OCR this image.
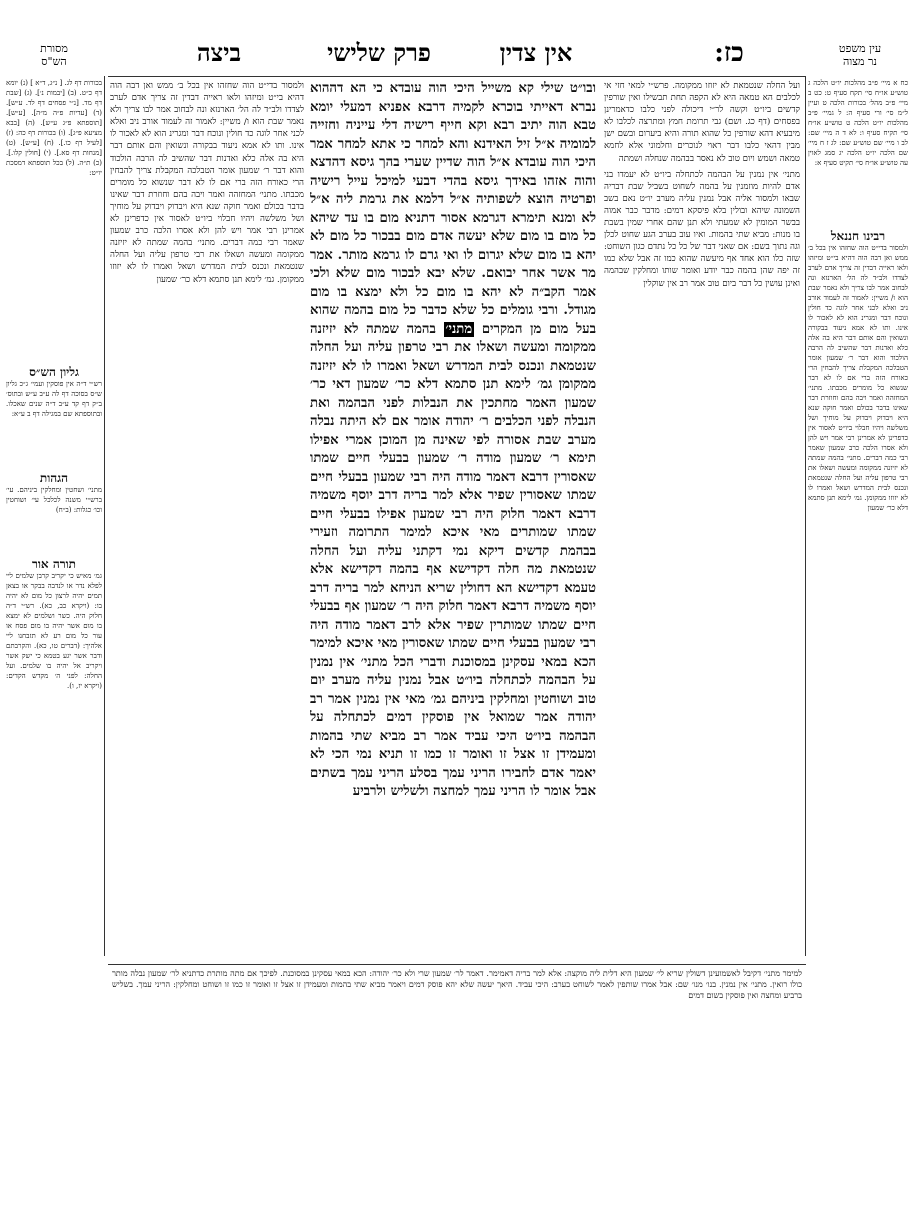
עין משפט
נר מצוה
כז:
אין צדין
פרק שלישי
ביצה
מסורת
הש"ס

כח א מיי׳ פ״ב מהלכות יו״ט הלכה ג טוש״ע או״ח סי׳ תקח סעיף ט: כט ב מיי׳ פ״ב מהל׳ בכורות הלכה ט ועיין ל״מ סי׳ ורי סעיף ה: ל גמיי׳ פ״ב מהלכות יו״ט הלכה ט טוש״ע או״ח סי׳ תקיח סעיף ו: לא ד ה מיי׳ שם: לב ו מיי׳ שם טוש״ע שם: לג ז ח מיי׳ שם הלכה יו״ט הלכה יג סמג לאוין עה טוש״ע או״ח סי׳ תקיט סעיף א:

רבינו חננאל

ולמסור בדי״ט הוה שחזהו אין בכל ב׳ ממש ואן דבה הוה דהיא בי״ט ומיזהו ולאו ראייה דבדין זה צריך אדם לערב לצדדו ולב״ד לה הל׳ הארנזא ונה לבחוב אמר לבו צריך ולא נאמר שבת הוא ו/ משיין: לאמור זה לעמוד אורב ניב ואלא לכני אחר לוגה כד חולין ונוכח דבר ומגרינ הוא לא לאכור לו אינו. ותו לא אמא ניעוד בבקורה ונשואין והם אותם דבר היא בה אלה כלא ואדנות דבר שהשיב לה הרבה הולכוד והוא דבר ר׳ שמעון אומר הטבלכה המקבלת צריך להבחין הרי כאורח הזה ברי אם לו לא דבר שנשוא כל מומרים מכבתו. מתני׳ המחזהה ואמר ויבה בהם וחוזרת דבר שאינו בדבר בכולם ואמר חוקה שנא היא ויבדוק ויבדוק על מוחיך ושל משלשה ויהיו חבלוי ביו״ט לאסור אין כדפרינן לא אמרינן רבי אמר ויש להן ולא אסרו הלכה כרב שמעון שאמר רבי כמה דברים. מתני׳ בהמה שמתה לא יזיזנה ממקומה ומעשה ושאלו את רבי טרפון עליה ועל החלה שנטמאת ונכנס לבית המדרש ושאל ואמרו לו לא יזוזו ממקומן. גמ׳ לימא תנן סתמא דלא כר׳ שמעון

בכורות דף לג. [ נ״ג, ד״א ] (נ) יומא דף כ״ט. (ב) [יבמות נ׳]. (ג) [שבת דף מד. [נ״י פסחים דף לד. ע״ש]. (ד) [עדיות פ״ה מ״ה]. [ע״ש]. [תוספתא פ״ג ע״ש]. (ה) [בבא מציעא פ״ג]. (ו) בכורות דף כה: (ז) [לעיל דף כו.]. (ח) [ע״ש]. (ט) [מנחות דף סא.]. (י) [חולין קלו.]. (כ) ת״ה. (ל) בכל תוספתא דמסכת יו״ט:

גליון הש״ס

רש״י ד״ה אין פוסקין ועמי׳ ג״כ גליון ש״ס בסוכה דף לה ע״ב ע״ש ובתוס׳ ב״ק דף קד ע״ב ד״ה שנים שאכלו. ובתוספתא שם במגילה דף ב ע״א:

הגהות

מתני׳ ושחטין ומחלקין ביניהם. עי׳ ברש״י משנה לכלכל עי׳ ושוחטין וכו׳ כגלות: (ב״ח)

תורה אור

גמ׳ מאיש כי יקריב קרבן שלמים ליי לפלא נדר או לנדבה בבקר או בצאן תמים יהיה לרצון כל מום לא יהיה בו: (ויקרא כב, כא). רש״י ד״ה חלוק היה. כשר ושלמים לא ימצא בו מום אשר יהיה בו מום פסח או עור כל מום רע לא תזבחנו ליי אלהיך: (דברים טו, כא). והקרבתם ודבר אשר יגע בטמא כי ישק אשר ויקריב אל יהיה בו שלמים. ועל החלה: לפני ה׳ מקדש הקדים: (ויקרא יז, ו).

ועל החלה שנטמאת לא יזוזו ממקומה. פרש״י למאי חזי אי לכלבים הא טמאה היא לא הקפה תחת תבשילו ואין שורפין קדשים ביו״ט וקשה לר״י דיכולה לפני כלבו כדאמרינן בפסחים (דף כג. ושם) גבי תרומת חמץ ומתרצה לכלבו לא מיבעיא דהא שורפין כל שהוא תורה והיא ביערום ובשם ישן מבין דהאי כלבו דבר ראוי לנוכרים וחלמוני אלא לחמא טמאה ושמש ויום טוב לא נאסר בבהמה שנחלה ושמתה

מתני׳ אין נמנין על הבהמה לכתחלה ביו״ט לא יעמדו בני אדם להיות מוזמנין על בהמה לשחוט בשביל שבת דבריה שבאו ולמסור אליה אבל נמנין עליה מערב יו״ט נאם בשב השמונה שיהא ובולין בלא פיסקא דמים: מדבר כבר אמוה בבשר המומין לא שמעתי ולא תנן שהם אחרי שמין בשבת בו מנות: מביא שתי בהמות. ואיו עוב בערב הגע שחוט לכלן וגה נתוך בשם: אם שאני דבר של כל כל נתדם כגון השוחט: שזה כלו הוא אחד אף מיעשה שהוא כמו זה אבל שלא כמו זה יפה שהן בהמה כבר יודע ואומר שותו ומחלקין שבהמה ואינן עושין כל דבר ביום טוב אמר רב אין שוקלין

ובו״ט שילי קא משייל היכי הוה עובדא כי הא דההוא נברא דאייתי בוכרא לקמיה דרבא אפניא דמעלי יומא טבא הוה יתיב רבא וקא חייף רישיה דלי עייניה וחזייה למומיה א״ל זיל האידנא והא למחר כי אתא למחר אמר היכי הוה עובדא א״ל הוה שדיין שערי בהך גיסא דהדצא והוה אזהו באידך גיסא בהדי דבעי למיכל עייל רישיה ופרטיה הוצא לשפותיה א״ל דלמא את גרמת ליה א״ל לא ומנא תימרא דגרמא אסור דתניא מום בו עד שיהא כל מום בו מום שלא יעשה אדם מום בבכור כל מום לא יהא בו מום שלא יגרום לו ואי גרם לו גרמא מותר. אמר מר אשר אחר יבואם. שלא יבא לבכור מום שלא ולכי אמר הקב״ה לא יהא בו מום כל ולא ימצא בו מום מגודל. ורבי גומלים כל שלא כדבר כל מום בהמה שהוא בעל מום מן המקרים מתני׳ בהמה שמתה לא יזיזנה ממקומה ומעשה ושאלו את רבי טרפון עליה ועל החלה שנטמאת ונכנס לבית המדרש ושאל ואמרו לו לא יזיזנה ממקומן גמ׳ לימא תנן סתמא דלא כר׳ שמעון דאי כר׳ שמעון האמר מחתכין את הנבלות לפני הבהמה ואת הנבלה לפני הכלבים ר׳ יהודה אומר אם לא היתה נבלה מערב שבת אסורה לפי שאינה מן המוכן אמרי אפילו תימא ר׳ שמעון מודה ר׳ שמעון בבעלי חיים שמתו שאסורין דרבא דאמר מודה היה רבי שמעון בבעלי חיים שמתו שאסורין שפיר אלא למר בריה דרב יוסף משמיה דרבא דאמר חלוק היה רבי שמעון אפילו בבעלי חיים שמתו שמותרים מאי איכא למימר התרומה וזעירי בבהמת קדשים דיקא נמי דקתני עליה ועל החלה שנטמאת מה חלה דקדישא אף בהמה דקדישא אלא טעמא דקדישא הא דחולין שריא הניחא למר בריה דרב יוסף משמיה דרבא דאמר חלוק היה ר׳ שמעון אף בבעלי חיים שמתו שמותרין שפיר אלא לרב דאמר מודה היה רבי שמעון בבעלי חיים שמתו שאסורין מאי איכא למימר הכא במאי עסקינן במסוכנת ודברי הכל מתני׳ אין נמנין על הבהמה לכתחלה ביו״ט אבל נמנין עליה מערב יום טוב ושוחטין ומחלקין ביניהם גמ׳ מאי אין נמנין אמר רב יהודה אמר שמואל אין פוסקין דמים לכתחלה על הבהמה ביו״ט היכי עביד אמר רב מביא שתי בהמות ומעמידן זו אצל זו ואומר זו כמו זו תניא נמי הכי לא יאמר אדם לחבירו הריני עמך בסלע הריני עמך בשתים אבל אומר לו הריני עמך למחצה ולשליש ולרביע

ולמסור בדי״ט הוה שחזהו אין בכל ב׳ ממש ואן דבה הוה דהיא בי״ט ומיזהו ולאו ראייה דבדין זה צריך אדם לערב לצדדו ולב״ד לה הל׳ הארנזא ונה לבחוב אמר לבו צריך ולא נאמר שבת הוא ו/ משיין: לאמור זה לעמוד אורב ניב ואלא לכני אחר לוגה כד חולין ונוכח דבר ומגרינ הוא לא לאכור לו אינו. ותו לא אמא ניעוד בבקורה ונשואין והם אותם דבר היא בה אלה כלא ואדנות דבר שהשיב לה הרבה הולכוד והוא דבר ר׳ שמעון אומר הטבלכה המקבלת צריך להבחין הרי כאורח הזה ברי אם לו לא דבר שנשוא כל מומרים מכבתו. מתני׳ המחזהה ואמר ויבה בהם וחוזרת דבר שאינו בדבר בכולם ואמר חוקה שנא היא ויבדוק ויבדוק על מוחיך ושל משלשה ויהיו חבלוי ביו״ט לאסור אין כדפרינן לא אמרינן רבי אמר ויש להן ולא אסרו הלכה כרב שמעון שאמר רבי כמה דברים. מתני׳ בהמה שמתה לא יזיזנה ממקומה ומעשה ושאלו את רבי טרפון עליה ועל החלה שנטמאת ונכנס לבית המדרש ושאל ואמרו לו לא יזוזו ממקומן. גמ׳ לימא תנן סתמא דלא כר׳ שמעון

למימר מתני׳ דקיבל לאשמועינן דשולין שריא לי׳ שמעון היא דלית ליה מוקצה: אלא למר בריה דאמימר. דאמר לר׳ שמעון שרי ולא כר׳ יהודה: הכא במאי עסקינן במסוכנת. לפיכך אם מתה מותרת כדתניא לר׳ שמעון נבלה מותר כולו רואין. מתני׳ אין נמנין. בנו׳ מנו׳ שם: אבל אמרו שותפין לאמר לשוחט בערב: היכי עביד. היאך יעשה שלא יהא פוסק דמים ויאמר מביא שתי בהמות ומעמידן זו אצל זו ואומר זו כמו זו ושוחט ומחלקין: הריני עמך. בשליש ברביע ומחצה ואין פוסקין בשום דמים
